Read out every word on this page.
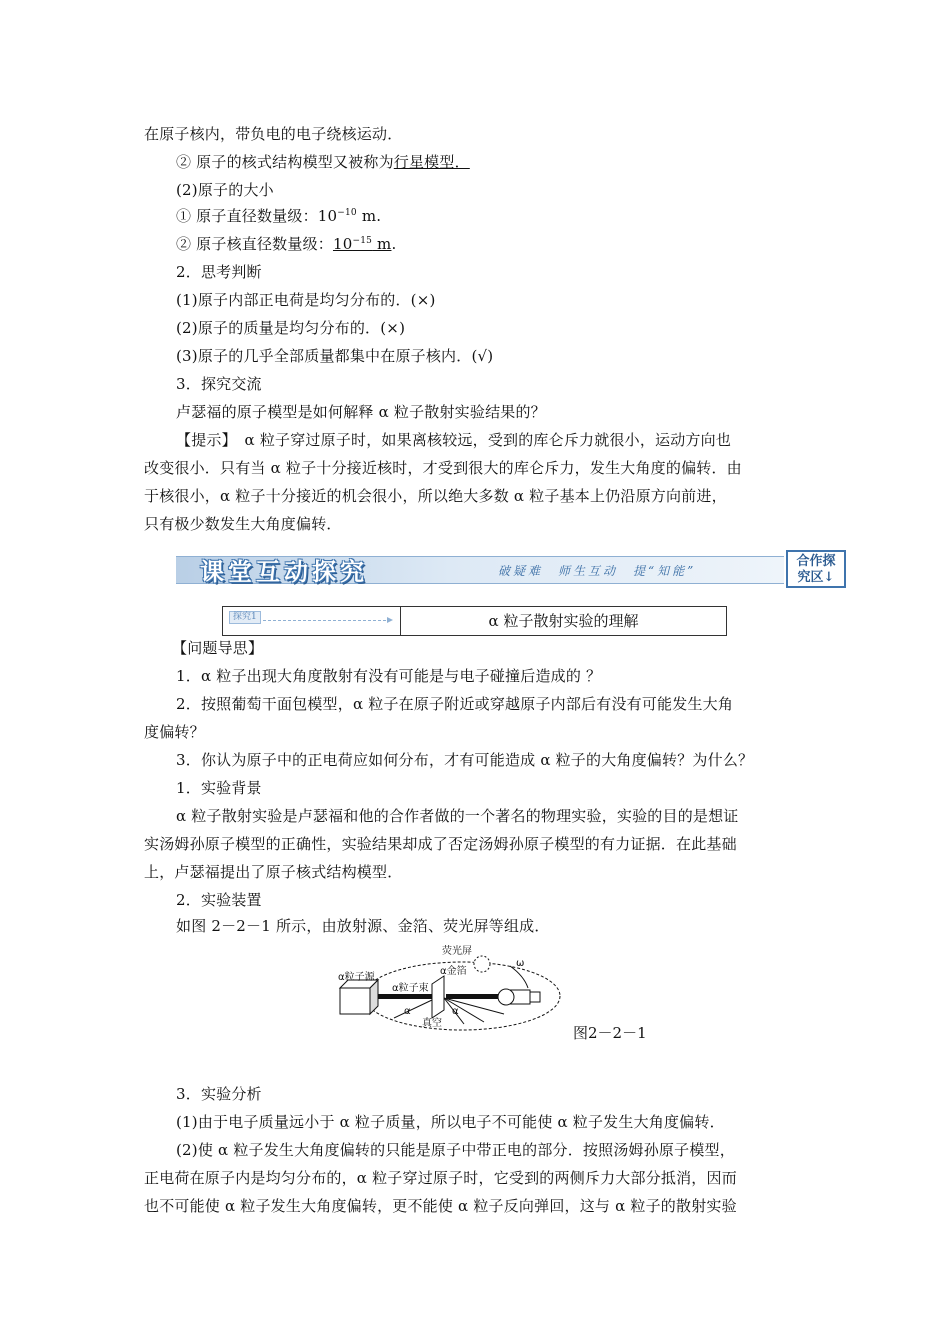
在原子核内，带负电的电子绕核运动．
② 原子的核式结构模型又被称为行星模型．
(2)原子的大小
① 原子直径数量级：$10^{-10}$ m.
② 原子核直径数量级：$10^{-15}$ m.
2．思考判断
(1)原子内部正电荷是均匀分布的．(×)
(2)原子的质量是均匀分布的．(×)
(3)原子的几乎全部质量都集中在原子核内．(√)
3．探究交流
卢瑟福的原子模型是如何解释 α 粒子散射实验结果的？
【提示】　 α 粒子穿过原子时，如果离核较远，受到的库仑斥力就很小，运动方向也
改变很小．只有当 α 粒子十分接近核时，才受到很大的库仑斥力，发生大角度的偏转．由
于核很小，α 粒子十分接近的机会很小，所以绝大多数 α 粒子基本上仍沿原方向前进，
只有极少数发生大角度偏转．
课堂互动探究	破疑难　师生互动　提“知能”
合作探
究区↓
探究1	α 粒子散射实验的理解
【问题导思】
1．α 粒子出现大角度散射有没有可能是与电子碰撞后造成的 ？
2．按照葡萄干面包模型，α 粒子在原子附近或穿越原子内部后有没有可能发生大角
度偏转？
3．你认为原子中的正电荷应如何分布，才有可能造成 α 粒子的大角度偏转？为什么？
1．实验背景
α 粒子散射实验是卢瑟福和他的合作者做的一个著名的物理实验，实验的目的是想证
实汤姆孙原子模型的正确性，实验结果却成了否定汤姆孙原子模型的有力证据．在此基础
上，卢瑟福提出了原子核式结构模型．
2．实验装置
如图 2－2－1 所示，由放射源、金箔、荧光屏等组成．
荧光屏
α粒子源
α粒子束
α金箔
真空
α
α
ω
图2－2－1
3．实验分析
(1)由于电子质量远小于 α 粒子质量，所以电子不可能使 α 粒子发生大角度偏转．
(2)使 α 粒子发生大角度偏转的只能是原子中带正电的部分．按照汤姆孙原子模型，
正电荷在原子内是均匀分布的，α 粒子穿过原子时，它受到的两侧斥力大部分抵消，因而
也不可能使 α 粒子发生大角度偏转，更不能使 α 粒子反向弹回，这与 α 粒子的散射实验
